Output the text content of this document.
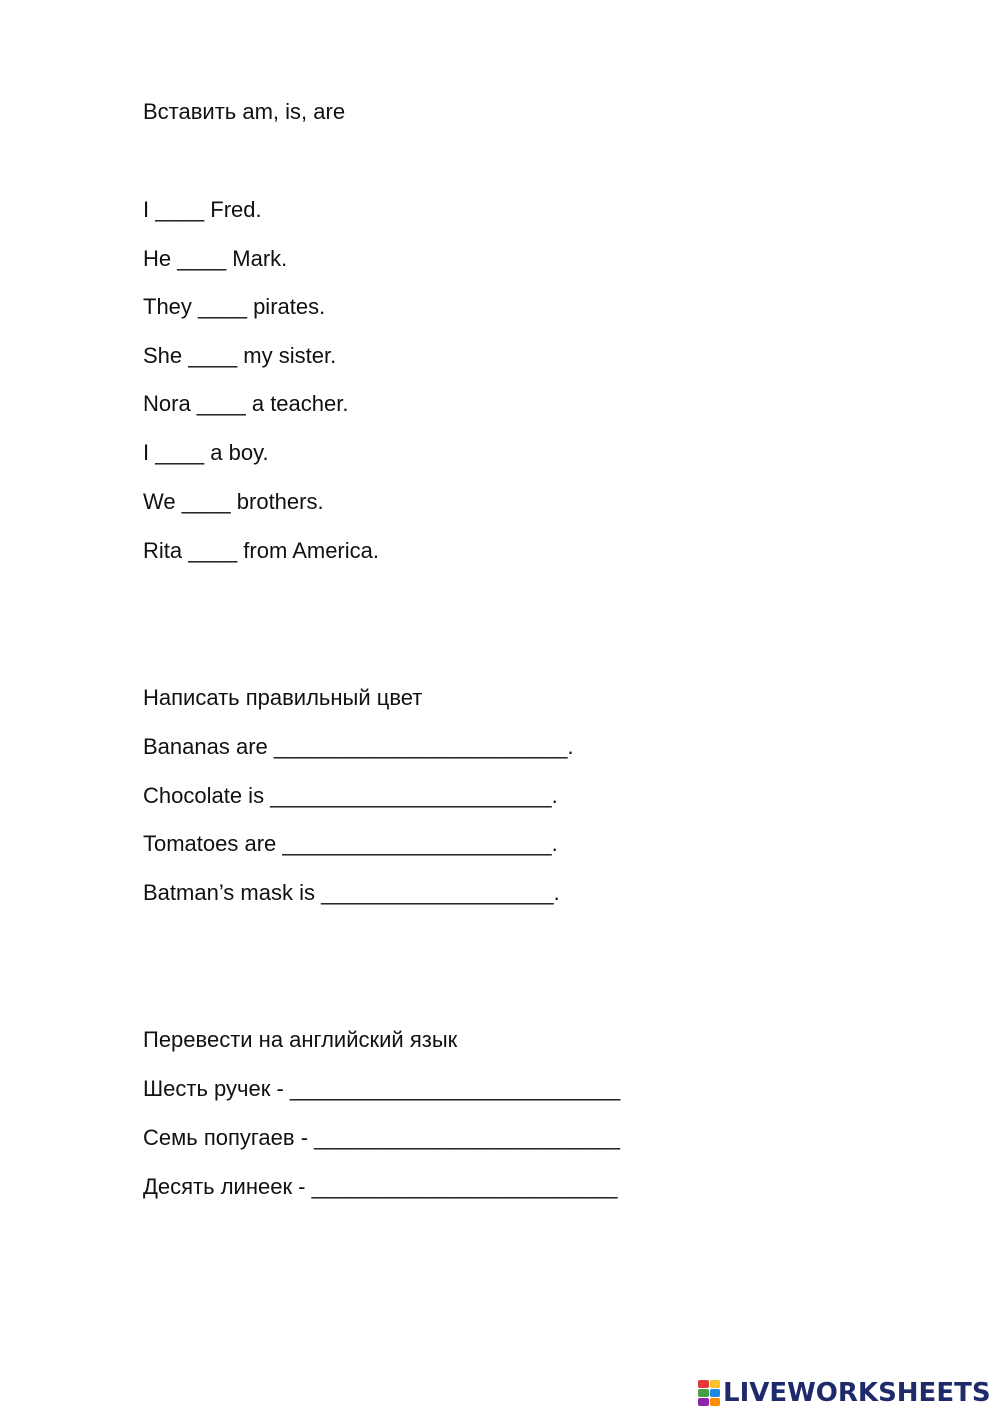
Вставить am, is, are
I ____ Fred.
He ____ Mark.
They ____ pirates.
She ____ my sister.
Nora ____ a teacher.
I ____ a boy.
We ____ brothers.
Rita ____ from America.
Написать правильный цвет
Bananas are ________________________.
Chocolate is _______________________.
Tomatoes are ______________________.
Batman’s mask is ___________________.
Перевести на английский язык
Шесть ручек - ___________________________
Семь попугаев - _________________________
Десять линеек - _________________________
LIVEWORKSHEETS
